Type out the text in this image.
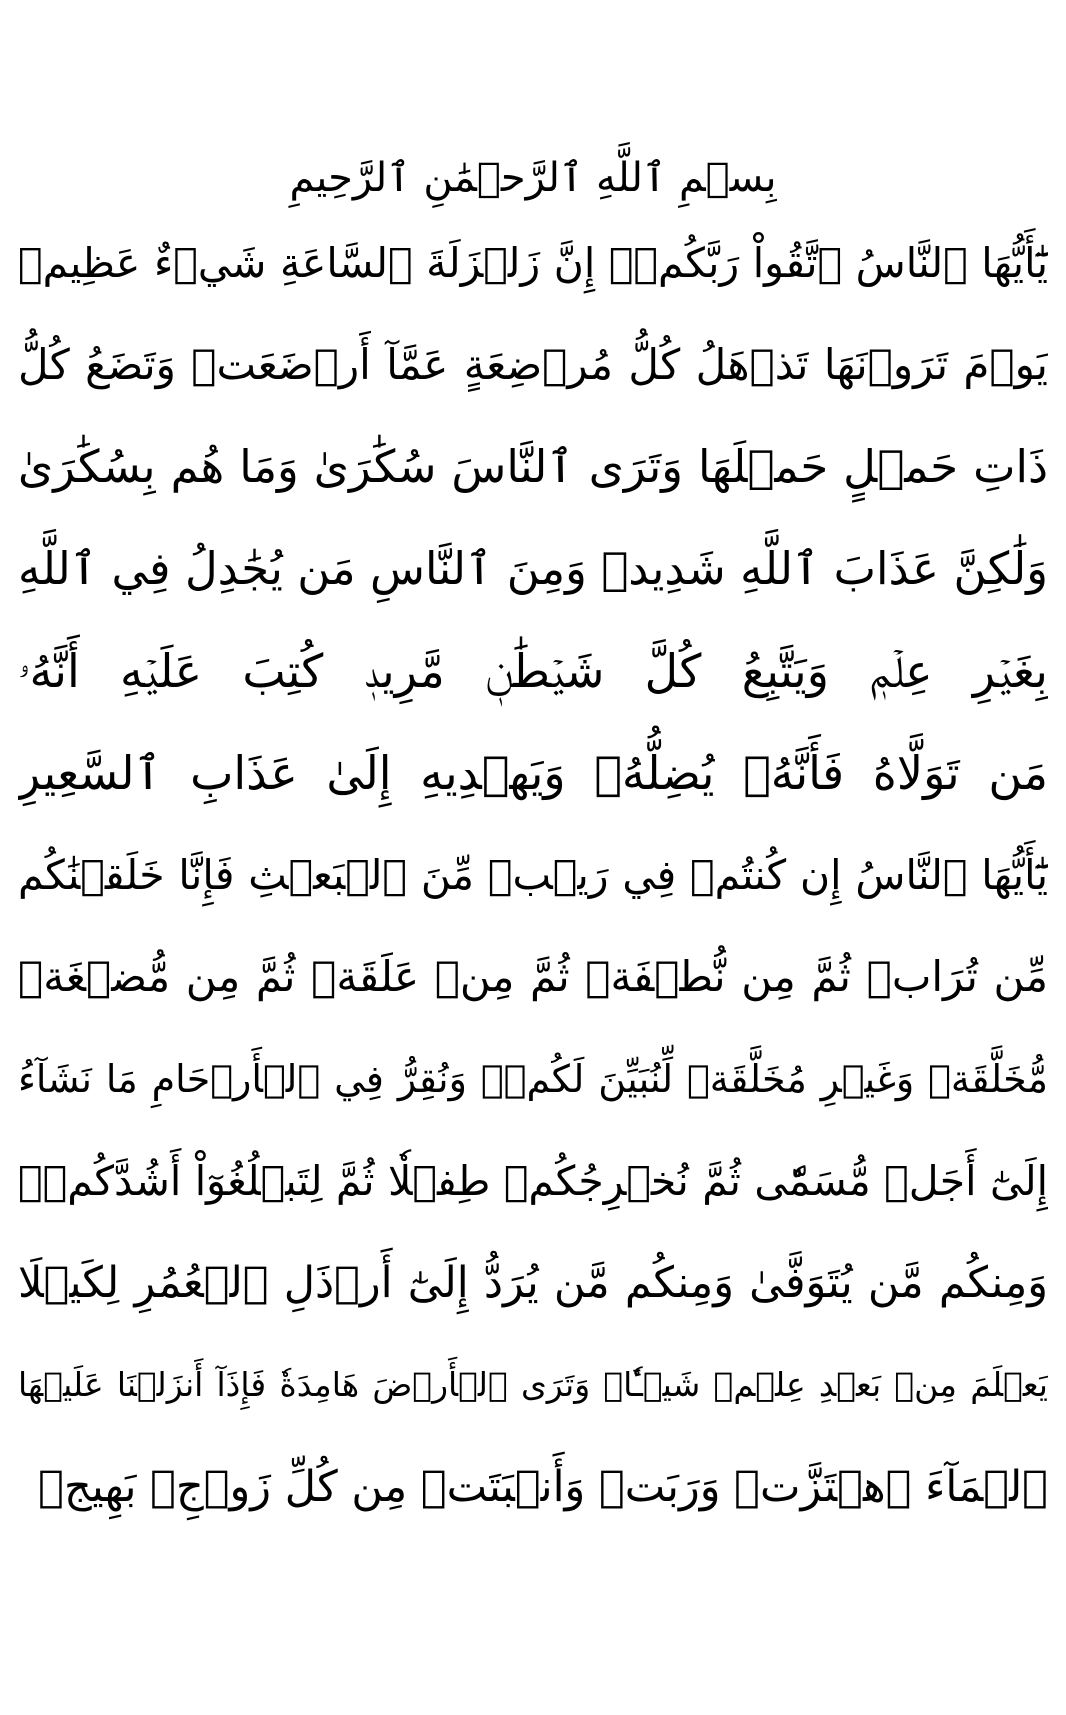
بِسۡمِ ٱللَّهِ ٱلرَّحۡمَٰنِ ٱلرَّحِيمِ
يَٰٓأَيُّهَا ٱلنَّاسُ ٱتَّقُواْ رَبَّكُمۡۚ إِنَّ زَلۡزَلَةَ ٱلسَّاعَةِ شَيۡءٌ عَظِيمٞ
يَوۡمَ تَرَوۡنَهَا تَذۡهَلُ كُلُّ مُرۡضِعَةٍ عَمَّآ أَرۡضَعَتۡ وَتَضَعُ كُلُّ
ذَاتِ حَمۡلٍ حَمۡلَهَا وَتَرَى ٱلنَّاسَ سُكَٰرَىٰ وَمَا هُم بِسُكَٰرَىٰ
وَلَٰكِنَّ عَذَابَ ٱللَّهِ شَدِيدٞ وَمِنَ ٱلنَّاسِ مَن يُجَٰدِلُ فِي ٱللَّهِ
بِغَيۡرِ عِلۡمٖ وَيَتَّبِعُ كُلَّ شَيۡطَٰنٖ مَّرِيدٖ كُتِبَ عَلَيۡهِ أَنَّهُۥ
مَن تَوَلَّاهُ فَأَنَّهُۥ يُضِلُّهُۥ وَيَهۡدِيهِ إِلَىٰ عَذَابِ ٱلسَّعِيرِ
يَٰٓأَيُّهَا ٱلنَّاسُ إِن كُنتُمۡ فِي رَيۡبٖ مِّنَ ٱلۡبَعۡثِ فَإِنَّا خَلَقۡنَٰكُم
مِّن تُرَابٖ ثُمَّ مِن نُّطۡفَةٖ ثُمَّ مِنۡ عَلَقَةٖ ثُمَّ مِن مُّضۡغَةٖ
مُّخَلَّقَةٖ وَغَيۡرِ مُخَلَّقَةٖ لِّنُبَيِّنَ لَكُمۡۚ وَنُقِرُّ فِي ٱلۡأَرۡحَامِ مَا نَشَآءُ
إِلَىٰٓ أَجَلٖ مُّسَمّٗى ثُمَّ نُخۡرِجُكُمۡ طِفۡلٗا ثُمَّ لِتَبۡلُغُوٓاْ أَشُدَّكُمۡۖ
وَمِنكُم مَّن يُتَوَفَّىٰ وَمِنكُم مَّن يُرَدُّ إِلَىٰٓ أَرۡذَلِ ٱلۡعُمُرِ لِكَيۡلَا
يَعۡلَمَ مِنۢ بَعۡدِ عِلۡمٖ شَيۡـٔٗاۚ وَتَرَى ٱلۡأَرۡضَ هَامِدَةٗ فَإِذَآ أَنزَلۡنَا عَلَيۡهَا
ٱلۡمَآءَ ٱهۡتَزَّتۡ وَرَبَتۡ وَأَنۢبَتَتۡ مِن كُلِّ زَوۡجِۭ بَهِيجٖ
